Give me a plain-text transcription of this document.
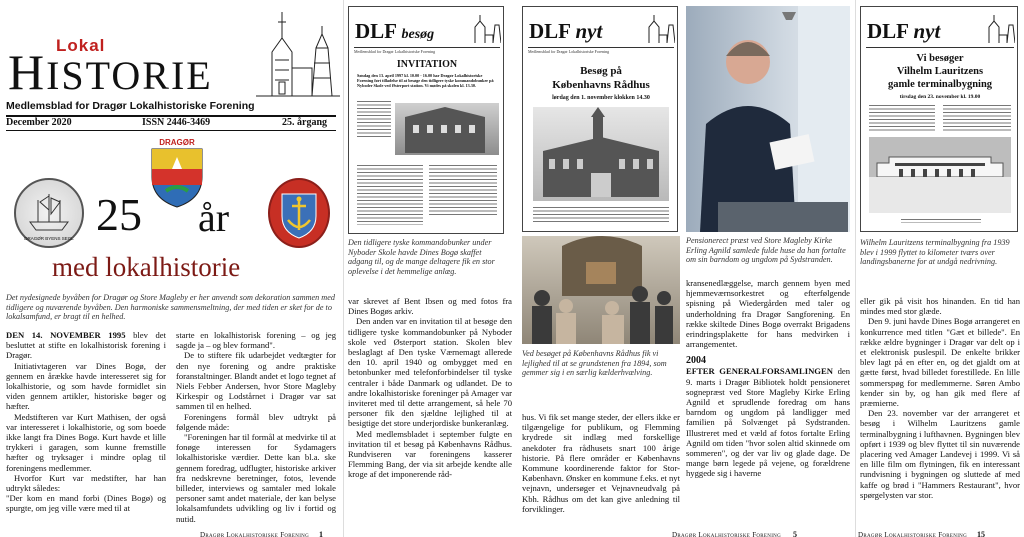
Lokal
HISTORIE
Medlemsblad for Dragør Lokalhistoriske Forening
December 2020	ISSN 2446-3469	25. årgang
DRAGØR BYENS SEGL
DRAGØR
25 år
med lokalhistorie
Det nydesignede byvåben for Dragør og Store Magleby er her anvendt som dekoration sammen med tidligere og nuværende byvåben. Den harmoniske sammensmeltning, der med tiden er sket for de to lokalsamfund, er bragt til en helhed.

DEN 14. NOVEMBER 1995 blev det besluttet at stifte en lokalhistorisk forening i Dragør.

Initiativtageren var Dines Bogø, der gennem en årække havde interesseret sig for lokalhistorie, og som havde formidlet sin viden gennem artikler, historiske bøger og hæfter.

Medstifteren var Kurt Mathisen, der også var interesseret i lokalhistorie, og som boede ikke langt fra Dines Bogø. Kurt havde et lille trykkeri i garagen, som kunne fremstille hæfter og tryksager i mindre oplag til foreningens medlemmer.

Hvorfor Kurt var medstifter, har han udtrykt således:

"Der kom en mand forbi (Dines Bogø) og spurgte, om jeg ville være med til at

starte en lokalhistorisk forening – og jeg sagde ja – og blev formand".

De to stiftere fik udarbejdet vedtægter for den nye forening og andre praktiske foranstaltninger. Blandt andet et logo tegnet af Niels Febber Andersen, hvor Store Magleby Kirkespir og Lodstårnet i Dragør var sat sammen til en helhed.

Foreningens formål blev udtrykt på følgende måde:

"Foreningen har til formål at medvirke til at fonøge interessen for Sydamagers lokalhistoriske værdier. Dette kan bl.a. ske gennem foredrag, udflugter, historiske arkiver fra nedskrevne beretninger, fotos, levende billeder, interviews og samtaler med lokale personer samt andet materiale, der kan belyse lokalsamfundets udvikling og liv i fortid og nutid.

Dragør Lokalhistoriske Forening 1
DLF besøg
Medlemsblad for Dragør Lokalhistoriske Forening
INVITATION
Søndag den 13. april 1997 kl. 10.00 - 16.00 har Dragør Lokalhistoriske Forening ført tilladelse til at besøge den tidligere tyske kommandobunker på Nyboder Skole ved Østerport station. Vi mødes på skolen kl. 13.30.
Den tidligere tyske kommandobunker under Nyboder Skole havde Dines Bogø skaffet adgang til, og de mange deltagere fik en stor oplevelse i det hemmelige anlæg.
DLF nyt
Medlemsblad for Dragør Lokalhistoriske Forening
Besøg på
Københavns Rådhus
lørdag den 1. november klokken 14.30
Ved besøget på Københavns Rådhus fik vi lejlighed til at se grundstenen fra 1894, som gemmer sig i en særlig kælderhvælving.
Pensionerect præst ved Store Magleby Kirke Erling Agnild samlede fulde huse da han fortalte om sin barndom og ungdom på Sydstranden.

var skrevet af Bent Ibsen og med fotos fra Dines Bogøs arkiv.

Den anden var en invitation til at besøge den tidligere tyske kommandobunker på Nyboder skole ved Østerport station. Skolen blev beslaglagt af Den tyske Værnemagt allerede den 10. april 1940 og ombygget med en betonbunker med telefonforbindelser til tyske centraler i både Danmark og udlandet. De to andre lokalhistoriske foreninger på Amager var inviteret med til dette arrangement, så hele 70 personer fik den sjældne lejlighed til at besigtige det store underjordiske bunkeranlæg.

Med medlemsbladet i september fulgte en invitation til et besøg på Københavns Rådhus. Rundviseren var foreningens kasserer Flemming Bang, der via sit arbejde kendte alle kroge af det imponerende råd-

hus. Vi fik set mange steder, der ellers ikke er tilgængelige for publikum, og Flemming krydrede sit indlæg med forskellige anekdoter fra rådhusets snart 100 årige historie. På flere områder er Københavns Kommune koordinerende faktor for Stor-København. Ønsker en kommune f.eks. et nyt vejnavn, undersøger et Vejnavneudvalg på Kbh. Rådhus om det kan give anledning til forviklinger.

kransenedlæggelse, march gennem byen med hjemmeværnsorkestret og efterfølgende spisning på Wiedergården med taler og underholdning fra Dragør Sangforening. En række skiltede Dines Bogø overrakt Brigadens erindringsplakette for hans medvirken i arrangementet.

2004

EFTER GENERALFORSAMLINGEN den 9. marts i Dragør Bibliotek holdt pensioneret sognepræst ved Store Magleby Kirke Erling Agnild et sprudlende foredrag om hans barndom og ungdom på landligger med familien på Solvænget på Sydstranden. Illustreret med et væld af fotos fortalte Erling Agnild om tiden "hvor solen altid skinnede om sommeren", og der var liv og glade dage. De mange børn legede på vejene, og forældrene hyggede sig i haverne

Dragør Lokalhistoriske Forening 5
DLF nyt
Vi besøger
Vilhelm Lauritzens
gamle terminalbygning
tirsdag den 23. november kl. 19.00
Wilhelm Lauritzens terminalbygning fra 1939 blev i 1999 flyttet to kilometer tværs over landingsbanerne for at undgå nedrivning.

eller gik på visit hos hinanden. En tid han mindes med stor glæde.

Den 9. juni havde Dines Bogø arrangeret en konkurrence med titlen "Gæt et billede". En række ældre bygninger i Dragør var delt op i et elektronisk puslespil. De enkelte brikker blev lagt på en efter en, og det gjaldt om at gætte først, hvad billedet forestillede. En lille sommerspøg for medlemmerne. Søren Ambo kender sin by, og han gik med flere af præmierne.

Den 23. november var der arrangeret et besøg i Wilhelm Lauritzens gamle terminalbygning i lufthavnen. Bygningen blev opført i 1939 og blev flyttet til sin nuværende placering ved Amager Landevej i 1999. Vi så en lille film om flytningen, fik en interessant rundvisning i bygningen og sluttede af med kaffe og brød i "Hammers Restaurant", hvor spørgelysten var stor.

Dragør Lokalhistoriske Forening 15
